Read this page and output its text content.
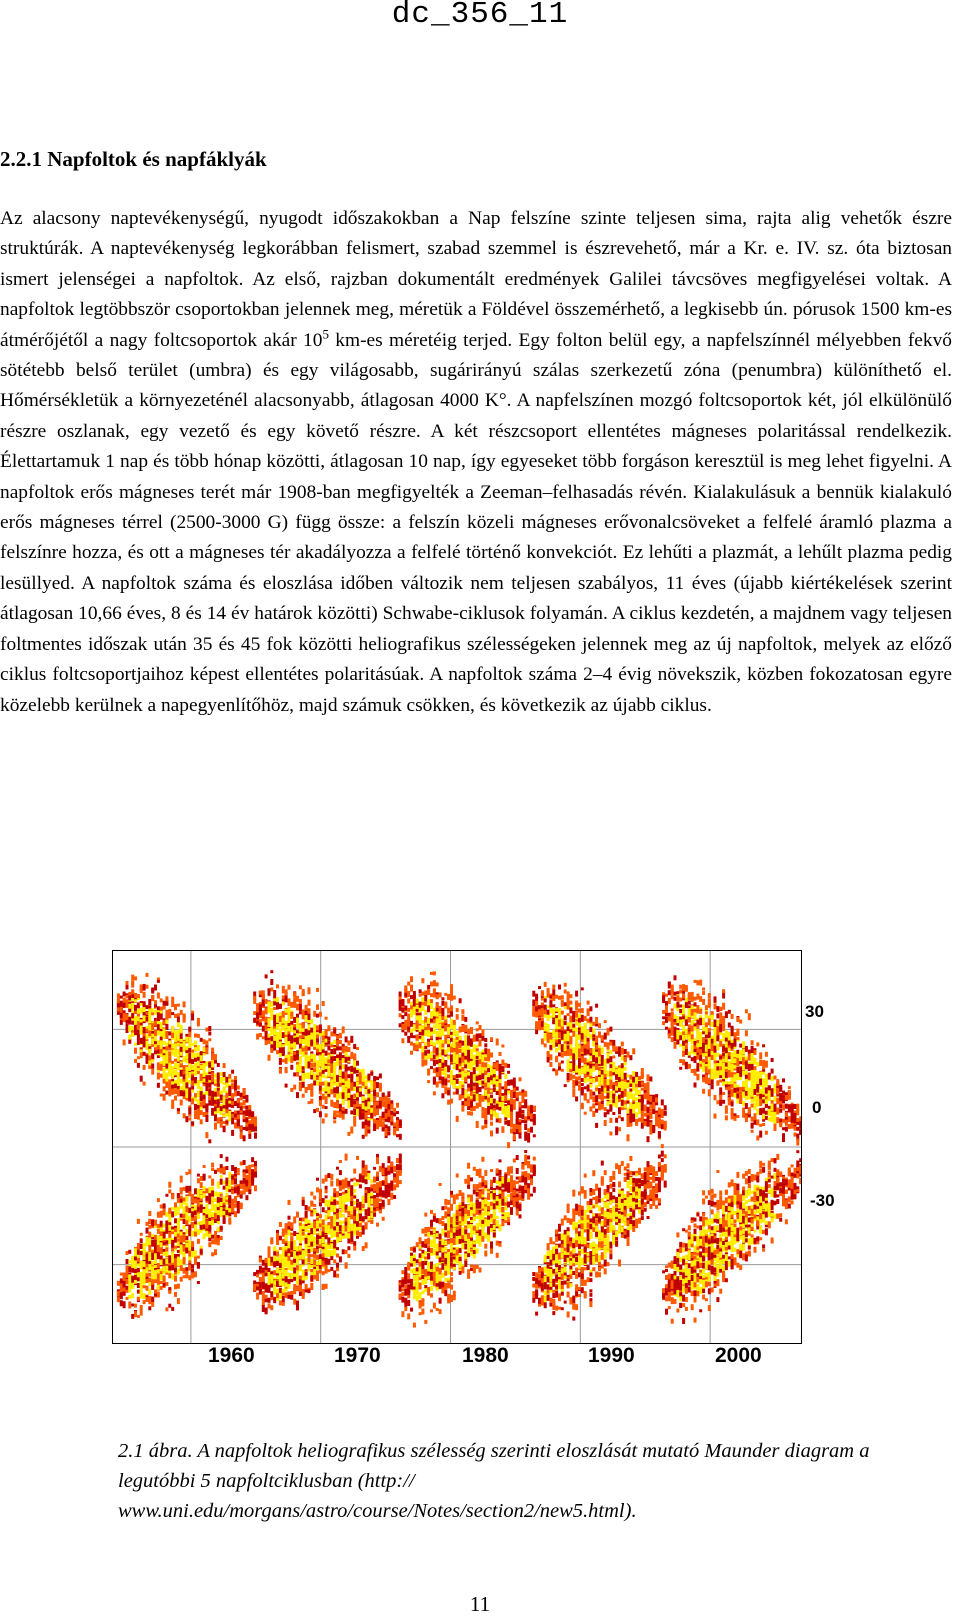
dc_356_11
2.2.1 Napfoltok és napfáklyák

Az alacsony naptevékenységű, nyugodt időszakokban a Nap felszíne szinte teljesen sima, rajta alig vehetők észre struktúrák. A naptevékenység legkorábban felismert, szabad szemmel is észrevehető, már a Kr. e. IV. sz. óta biztosan ismert jelenségei a napfoltok. Az első, rajzban dokumentált eredmények Galilei távcsöves megfigyelései voltak. A napfoltok legtöbbször csoportokban jelennek meg, méretük a Földével összemérhető, a legkisebb ún. pórusok 1500 km-es átmérőjétől a nagy foltcsoportok akár $10^5$ km-es méretéig terjed. Egy folton belül egy, a napfelszínnél mélyebben fekvő sötétebb belső terület (umbra) és egy világosabb, sugárirányú szálas szerkezetű zóna (penumbra) különíthető el. Hőmérsékletük a környezeténél alacsonyabb, átlagosan 4000 K°. A napfelszínen mozgó foltcsoportok két, jól elkülönülő részre oszlanak, egy vezető és egy követő részre. A két részcsoport ellentétes mágneses polaritással rendelkezik. Élettartamuk 1 nap és több hónap közötti, átlagosan 10 nap, így egyeseket több forgáson keresztül is meg lehet figyelni. A napfoltok erős mágneses terét már 1908-ban megfigyelték a Zeeman–felhasadás révén. Kialakulásuk a bennük kialakuló erős mágneses térrel (2500-3000 G) függ össze: a felszín közeli mágneses erővonalcsöveket a felfelé áramló plazma a felszínre hozza, és ott a mágneses tér akadályozza a felfelé történő konvekciót. Ez lehűti a plazmát, a lehűlt plazma pedig lesüllyed. A napfoltok száma és eloszlása időben változik nem teljesen szabályos, 11 éves (újabb kiértékelések szerint átlagosan 10,66 éves, 8 és 14 év határok közötti) Schwabe-ciklusok folyamán. A ciklus kezdetén, a majdnem vagy teljesen foltmentes időszak után 35 és 45 fok közötti heliografikus szélességeken jelennek meg az új napfoltok, melyek az előző ciklus foltcsoportjaihoz képest ellentétes polaritásúak. A napfoltok száma 2–4 évig növekszik, közben fokozatosan egyre közelebb kerülnek a napegyenlítőhöz, majd számuk csökken, és következik az újabb ciklus.

30
0
-30
1960	1970	1980	1990	2000
2.1 ábra. A napfoltok heliografikus szélesség szerinti eloszlását mutató Maunder diagram a legutóbbi 5 napfoltciklusban (http:// www.uni.edu/morgans/astro/course/Notes/section2/new5.html).
11
